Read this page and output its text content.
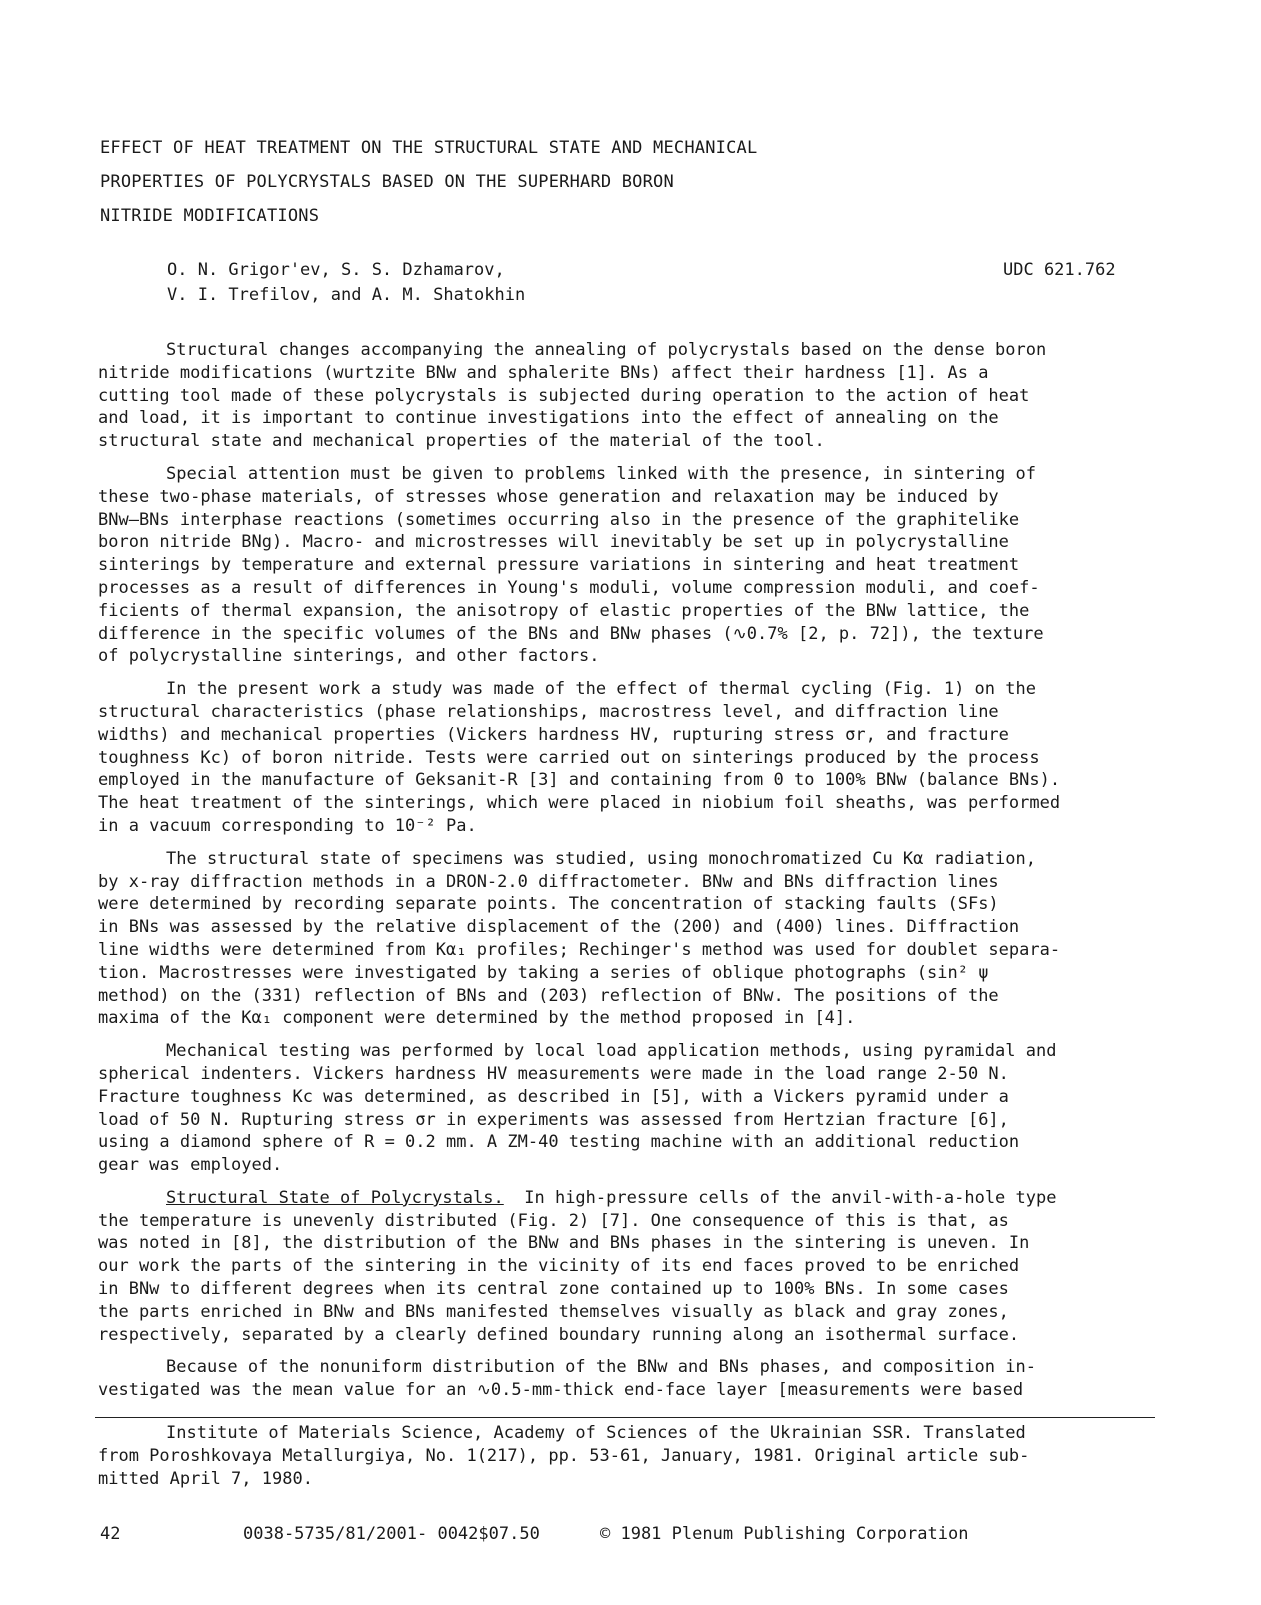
EFFECT OF HEAT TREATMENT ON THE STRUCTURAL STATE AND MECHANICAL
PROPERTIES OF POLYCRYSTALS BASED ON THE SUPERHARD BORON
NITRIDE MODIFICATIONS
O. N. Grigor'ev, S. S. Dzhamarov,
V. I. Trefilov, and A. M. Shatokhin
UDC 621.762
Structural changes accompanying the annealing of polycrystals based on the dense boron
nitride modifications (wurtzite BNw and sphalerite BNs) affect their hardness [1]. As a
cutting tool made of these polycrystals is subjected during operation to the action of heat
and load, it is important to continue investigations into the effect of annealing on the
structural state and mechanical properties of the material of the tool.
Special attention must be given to problems linked with the presence, in sintering of
these two-phase materials, of stresses whose generation and relaxation may be induced by
BNw—BNs interphase reactions (sometimes occurring also in the presence of the graphitelike
boron nitride BNg). Macro- and microstresses will inevitably be set up in polycrystalline
sinterings by temperature and external pressure variations in sintering and heat treatment
processes as a result of differences in Young's moduli, volume compression moduli, and coef-
ficients of thermal expansion, the anisotropy of elastic properties of the BNw lattice, the
difference in the specific volumes of the BNs and BNw phases (∿0.7% [2, p. 72]), the texture
of polycrystalline sinterings, and other factors.
In the present work a study was made of the effect of thermal cycling (Fig. 1) on the
structural characteristics (phase relationships, macrostress level, and diffraction line
widths) and mechanical properties (Vickers hardness HV, rupturing stress σr, and fracture
toughness Kc) of boron nitride. Tests were carried out on sinterings produced by the process
employed in the manufacture of Geksanit-R [3] and containing from 0 to 100% BNw (balance BNs).
The heat treatment of the sinterings, which were placed in niobium foil sheaths, was performed
in a vacuum corresponding to 10⁻² Pa.
The structural state of specimens was studied, using monochromatized Cu Kα radiation,
by x-ray diffraction methods in a DRON-2.0 diffractometer. BNw and BNs diffraction lines
were determined by recording separate points. The concentration of stacking faults (SFs)
in BNs was assessed by the relative displacement of the (200) and (400) lines. Diffraction
line widths were determined from Kα₁ profiles; Rechinger's method was used for doublet separa-
tion. Macrostresses were investigated by taking a series of oblique photographs (sin² ψ
method) on the (331) reflection of BNs and (203) reflection of BNw. The positions of the
maxima of the Kα₁ component were determined by the method proposed in [4].
Mechanical testing was performed by local load application methods, using pyramidal and
spherical indenters. Vickers hardness HV measurements were made in the load range 2-50 N.
Fracture toughness Kc was determined, as described in [5], with a Vickers pyramid under a
load of 50 N. Rupturing stress σr in experiments was assessed from Hertzian fracture [6],
using a diamond sphere of R = 0.2 mm. A ZM-40 testing machine with an additional reduction
gear was employed.
Structural State of Polycrystals. In high-pressure cells of the anvil-with-a-hole type
the temperature is unevenly distributed (Fig. 2) [7]. One consequence of this is that, as
was noted in [8], the distribution of the BNw and BNs phases in the sintering is uneven. In
our work the parts of the sintering in the vicinity of its end faces proved to be enriched
in BNw to different degrees when its central zone contained up to 100% BNs. In some cases
the parts enriched in BNw and BNs manifested themselves visually as black and gray zones,
respectively, separated by a clearly defined boundary running along an isothermal surface.
Because of the nonuniform distribution of the BNw and BNs phases, and composition in-
vestigated was the mean value for an ∿0.5-mm-thick end-face layer [measurements were based
Institute of Materials Science, Academy of Sciences of the Ukrainian SSR. Translated
from Poroshkovaya Metallurgiya, No. 1(217), pp. 53-61, January, 1981. Original article sub-
mitted April 7, 1980.
42	0038-5735/81/2001- 0042$07.50	© 1981 Plenum Publishing Corporation
